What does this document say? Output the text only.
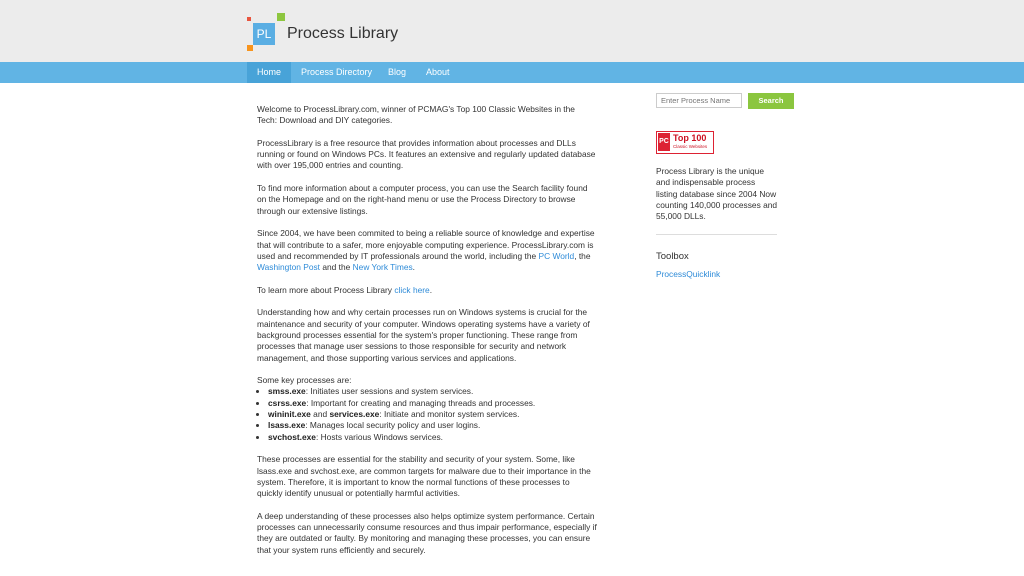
PL Process Library
Home	Process Directory Blog About

Welcome to ProcessLibrary.com, winner of PCMAG's Top 100 Classic Websites in the Tech: Download and DIY categories.

ProcessLibrary is a free resource that provides information about processes and DLLs running or found on Windows PCs. It features an extensive and regularly updated database with over 195,000 entries and counting.

To find more information about a computer process, you can use the Search facility found on the Homepage and on the right-hand menu or use the Process Directory to browse through our extensive listings.

Since 2004, we have been commited to being a reliable source of knowledge and expertise that will contribute to a safer, more enjoyable computing experience. ProcessLibrary.com is used and recommended by IT professionals around the world, including the PC World, the Washington Post and the New York Times.

To learn more about Process Library click here.

Understanding how and why certain processes run on Windows systems is crucial for the maintenance and security of your computer. Windows operating systems have a variety of background processes essential for the system's proper functioning. These range from processes that manage user sessions to those responsible for security and network management, and those supporting various services and applications.

Some key processes are:
• smss.exe: Initiates user sessions and system services.
• csrss.exe: Important for creating and managing threads and processes.
• wininit.exe and services.exe: Initiate and monitor system services.
• lsass.exe: Manages local security policy and user logins.
• svchost.exe: Hosts various Windows services.

These processes are essential for the stability and security of your system. Some, like lsass.exe and svchost.exe, are common targets for malware due to their importance in the system. Therefore, it is important to know the normal functions of these processes to quickly identify unusual or potentially harmful activities.

A deep understanding of these processes also helps optimize system performance. Certain processes can unnecessarily consume resources and thus impair performance, especially if they are outdated or faulty. By monitoring and managing these processes, you can ensure that your system runs efficiently and securely.

Enter Process Name
Search
PC Top 100
Classic Websites
Process Library is the unique and indispensable process listing database since 2004 Now counting 140,000 processes and 55,000 DLLs.
Toolbox
ProcessQuicklink
